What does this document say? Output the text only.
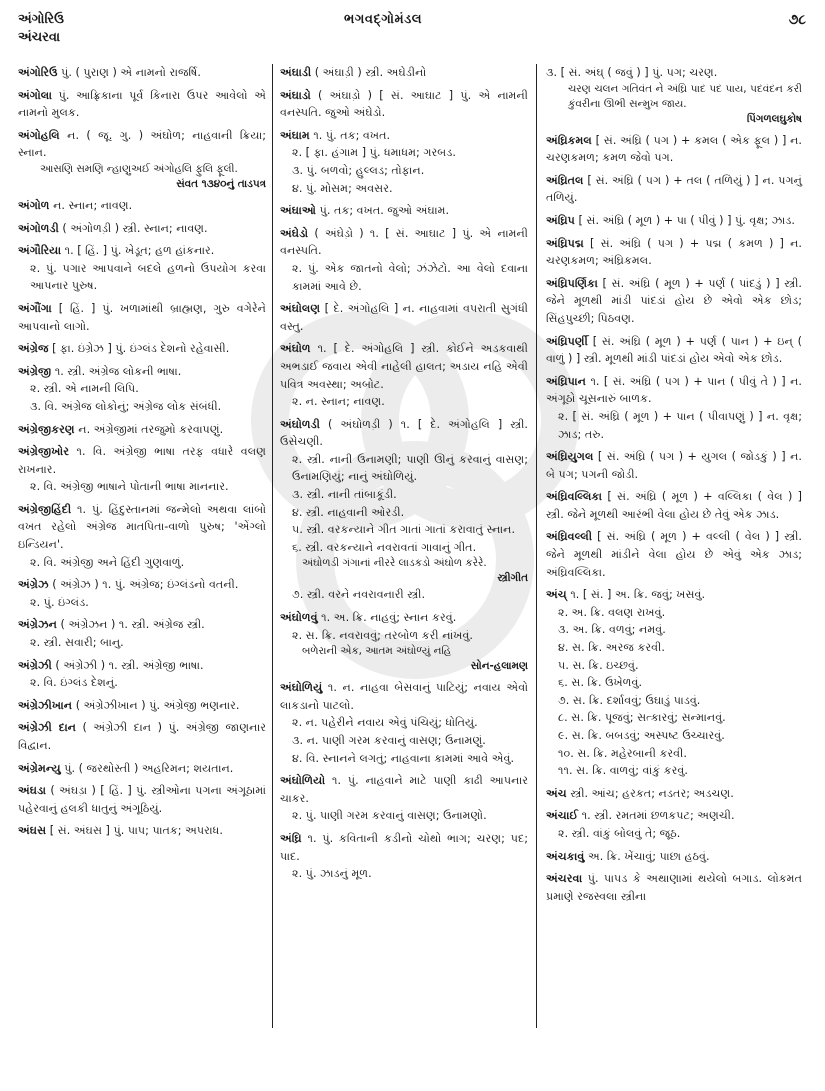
અંગોરિઉ
અંચરવા
ભગવદ્ગોમંડલ	૭૮
અંગોરિઉ પું. ( પુરાણ ) એ નામનો રાજર્ષિ.
અંગોલા પું. આફ્રિકાના પૂર્વ કિનારા ઉપર આવેલો એ નામનો મુલક.
અંગોહલિ ન. ( જૂ. ગુ. ) અંઘોળ; નાહવાની ક્રિયા; સ્નાન.
આસણિ સમણિ ન્હાણુઅઈ અંગોહલિ ફુલિ ફૂલી.
સંવત ૧૩૪૦નું તાડપત્ર
અંગોળ ન. સ્નાન; નાવણ.
અંગોળડી ( અંગોળડ઼ી ) સ્ત્રી. સ્નાન; નાવણ.
અંગૌરિયા ૧. [ હિં. ] પું. ખેડૂત; હળ હાંકનાર.
૨. પું. પગાર આપવાને બદલે હળનો ઉપયોગ કરવા આપનાર પુરુષ.
અંગૌંગા [ હિં. ] પું. ખળામાંથી બ્રાહ્મણ, ગુરુ વગેરેને આપવાનો લાગો.
અંગ્રેજ [ ફા. ઇંગ્રેઝ ] પું. ઇંગ્લંડ દેશનો રહેવાસી.
અંગ્રેજી ૧. સ્ત્રી. અંગ્રેજ લોકની ભાષા.
૨. સ્ત્રી. એ નામની લિપિ.
૩. વિ. અંગ્રેજ લોકોનું; અંગ્રેજ લોક સંબંધી.
અંગ્રેજીકરણ ન. અંગ્રેજીમાં તરજુમો કરવાપણું.
અંગ્રેજીખોર ૧. વિ. અંગ્રેજી ભાષા તરફ વધારે વલણ રાખનાર.
૨. વિ. અંગ્રેજી ભાષાને પોતાની ભાષા માનનાર.
અંગ્રેજીહિંદી ૧. પું. હિંદુસ્તાનમાં જન્મેલો અથવા લાંબો વખત રહેલો અંગ્રેજ માતપિતા-વાળો પુરુષ; 'એંગ્લો ઇન્ડિયન'.
૨. વિ. અંગ્રેજી અને હિંદી ગુણવાળું.
અંગ્રેઝ ( અંગ્રેઝ ) ૧. પું. અંગ્રેજ; ઇંગ્લંડનો વતની.
૨. પું. ઇંગ્લંડ.
અંગ્રેઝન ( અંગ્રેઝન ) ૧. સ્ત્રી. અંગ્રેજ સ્ત્રી.
૨. સ્ત્રી. સવારી; બાનુ.
અંગ્રેઝી ( અંગ્રેઝી ) ૧. સ્ત્રી. અંગ્રેજી ભાષા.
૨. વિ. ઇંગ્લંડ દેશનું.
અંગ્રેઝીખાન ( અંગ્રેઝીખાન ) પું. અંગ્રેજી ભણનાર.
અંગ્રેઝી દાન ( અંગ્રેઝી દાન ) પું. અંગ્રેજી જાણનાર વિદ્વાન.
અંગ્રેમન્યુ પું. ( જરથોસ્તી ) અહરિમન; શયતાન.
અંઘડા ( અંઘડ઼ા ) [ હિં. ] પું. સ્ત્રીઓના પગના અંગૂઠામાં પહેરવાનું હલકી ધાતુનું અંગૂઠિયું.
અંઘસ [ સં. અંઘસ ] પું. પાપ; પાતક; અપરાધ.
અંઘાડી ( અંઘાડ઼ી ) સ્ત્રી. અઘેડીનો
અંઘાડો ( અંઘાડ઼ો ) [ સં. આઘાટ ] પું. એ નામની વનસ્પતિ. જુઓ અંઘેડો.
અંઘામ ૧. પું. તક; વખત.
૨. [ ફા. હંગામ ] પું. ધમાધમ; ગરબડ.
૩. પું. બળવો; હુલ્લડ; તોફાન.
૪. પું. મોસમ; અવસર.
અંઘાઓ પું. તક; વખત. જુઓ અંઘામ.
અંઘેડો ( અંઘેડ઼ો ) ૧. [ સં. આઘાટ ] પું. એ નામની વનસ્પતિ.
૨. પું. એક જાતનો વેલો; ઝંઝેટો. આ વેલો દવાના કામમાં આવે છે.
અંઘોલણ [ દે. અંગોહલિ ] ન. નાહવામાં વપરાતી સુગંધી વસ્તુ.
અંઘોળ ૧. [ દે. અંગોહલિ ] સ્ત્રી. કોઈને અડકવાથી અભડાઈ જવાય એવી નાહેલી હાલત; અડાય નહિ એવી પવિત્ર અવસ્થા; અબોટ.
૨. ન. સ્નાન; નાવણ.
અંઘોળડી ( અંઘોળડ઼ી ) ૧. [ દે. અંગોહલિ ] સ્ત્રી. ઉસેચણી.
૨. સ્ત્રી. નાની ઉનામણી; પાણી ઊનું કરવાનું વાસણ; ઉનામણિયું; નાનું અંઘોળિયું.
૩. સ્ત્રી. નાની તાંબાકૂંડી.
૪. સ્ત્રી. નાહવાની ઓરડી.
૫. સ્ત્રી. વરકન્યાને ગીત ગાતાં ગાતાં કરાવાતું સ્નાન.
૬. સ્ત્રી. વરકન્યાને નવરાવતાં ગાવાનું ગીત.
અંઘોળડી ગંગાનાં નીરરે લાડકડો અંઘોળ કરેરે.
સ્ત્રીગીત
૭. સ્ત્રી. વરને નવરાવનારી સ્ત્રી.
અંઘોળવું ૧. અ. ક્રિ. નાહવું; સ્નાન કરવું.
૨. સ. ક્રિ. નવરાવવું; તરબોળ કરી નાંખવું.
બળેરાની એક, આતમ અંઘોળ્યું નહિ
સોન-હલામણ
અંઘોળિયું ૧. ન. નાહવા બેસવાનું પાટિયું; નવાય એવો લાકડાનો પાટલો.
૨. ન. પહેરીને નવાય એવું પંચિયું; ધોતિયું.
૩. ન. પાણી ગરમ કરવાનું વાસણ; ઉનામણું.
૪. વિ. સ્નાનને લગતું; નાહવાના કામમાં આવે એવું.
અંઘોળિયો ૧. પું. નાહવાને માટે પાણી કાઢી આપનાર ચાકર.
૨. પું. પાણી ગરમ કરવાનું વાસણ; ઉનામણો.
અંઘ્રિ ૧. પું. કવિતાની કડીનો ચોથો ભાગ; ચરણ; પદ; પાદ.
૨. પું. ઝાડનું મૂળ.
૩. [ સં. અંઘ્ ( જવું ) ] પું. પગ; ચરણ.
ચરણ ચલન ગતિવંત ને અંઘ્રિ પાદ પદ પાય, પદવંદન કરી કુંવરીના ઊભી સન્મુખ જાય.
પિંગળલઘુકોષ
અંઘ્રિકમલ [ સં. અંઘ્રિ ( પગ ) + કમલ ( એક ફૂલ ) ] ન. ચરણકમળ; કમળ જેવો પગ.
અંઘ્રિતલ [ સં. અંઘ્રિ ( પગ ) + તલ ( તળિયું ) ] ન. પગનું તળિયું.
અંઘ્રિપ [ સં. અંઘ્રિ ( મૂળ ) + પા ( પીવું ) ] પું. વૃક્ષ; ઝાડ.
અંઘ્રિપદ્મ [ સં. અંઘ્રિ ( પગ ) + પદ્મ ( કમળ ) ] ન. ચરણકમળ; અંઘ્રિકમલ.
અંઘ્રિપર્ણિકા [ સં. અંઘ્રિ ( મૂળ ) + પર્ણ ( પાંદડું ) ] સ્ત્રી. જેને મૂળથી માંડી પાંદડાં હોય છે એવો એક છોડ; સિંહપુચ્છી; પિઠવણ.
અંઘ્રિપર્ણી [ સં. અંઘ્રિ ( મૂળ ) + પર્ણ ( પાન ) + ઇન્ ( વાળું ) ] સ્ત્રી. મૂળથી માંડી પાંદડાં હોય એવો એક છોડ.
અંઘ્રિપાન ૧. [ સં. અંઘ્રિ ( પગ ) + પાન ( પીવું તે ) ] ન. અંગૂઠો ચૂસનારું બાળક.
૨. [ સં. અંઘ્રિ ( મૂળ ) + પાન ( પીવાપણું ) ] ન. વૃક્ષ; ઝાડ; તરુ.
અંઘ્રિયુગલ [ સં. અંઘ્રિ ( પગ ) + યુગલ ( જોડકું ) ] ન. બે પગ; પગની જોડી.
અંઘ્રિવલ્લિકા [ સં. અંઘ્રિ ( મૂળ ) + વલ્લિકા ( વેલ ) ] સ્ત્રી. જેને મૂળથી આરંભી વેલા હોય છે તેવું એક ઝાડ.
અંઘ્રિવલ્લી [ સં. અંઘ્રિ ( મૂળ ) + વલ્લી ( વેલ ) ] સ્ત્રી. જેને મૂળથી માંડીને વેલા હોય છે એવું એક ઝાડ; અંઘ્રિવલ્લિકા.
અંચ્ ૧. [ સં. ] અ. ક્રિ. જવું; ખસવું.
૨. અ. ક્રિ. વલણ રાખવું.
૩. અ. ક્રિ. વળવું; નમવું.
૪. સ. ક્રિ. અરજ કરવી.
૫. સ. ક્રિ. ઇચ્છવું.
૬. સ. ક્રિ. ઉખેળવું.
૭. સ. ક્રિ. દર્શાવવું; ઉઘાડું પાડવું.
૮. સ. ક્રિ. પૂજવું; સત્કારવું; સન્માનવું.
૯. સ. ક્રિ. બબડવું; અસ્પષ્ટ ઉચ્ચારવું.
૧૦. સ. ક્રિ. મહેરબાની કરવી.
૧૧. સ. ક્રિ. વાળવું; વાંકું કરવું.
અંચ સ્ત્રી. આંચ; હરકત; નડતર; અડચણ.
અંચાઈ ૧. સ્ત્રી. રમતમાં છળકપટ; અણચી.
૨. સ્ત્રી. વાંકું બોલવું તે; જૂઠ.
અંચકાવું અ. ક્રિ. ખેંચાવું; પાછા હઠવું.
અંચરવા પું. પાપડ કે અથાણામાં થયેલો બગાડ. લોકમત પ્રમાણે રજસ્વલા સ્ત્રીના
